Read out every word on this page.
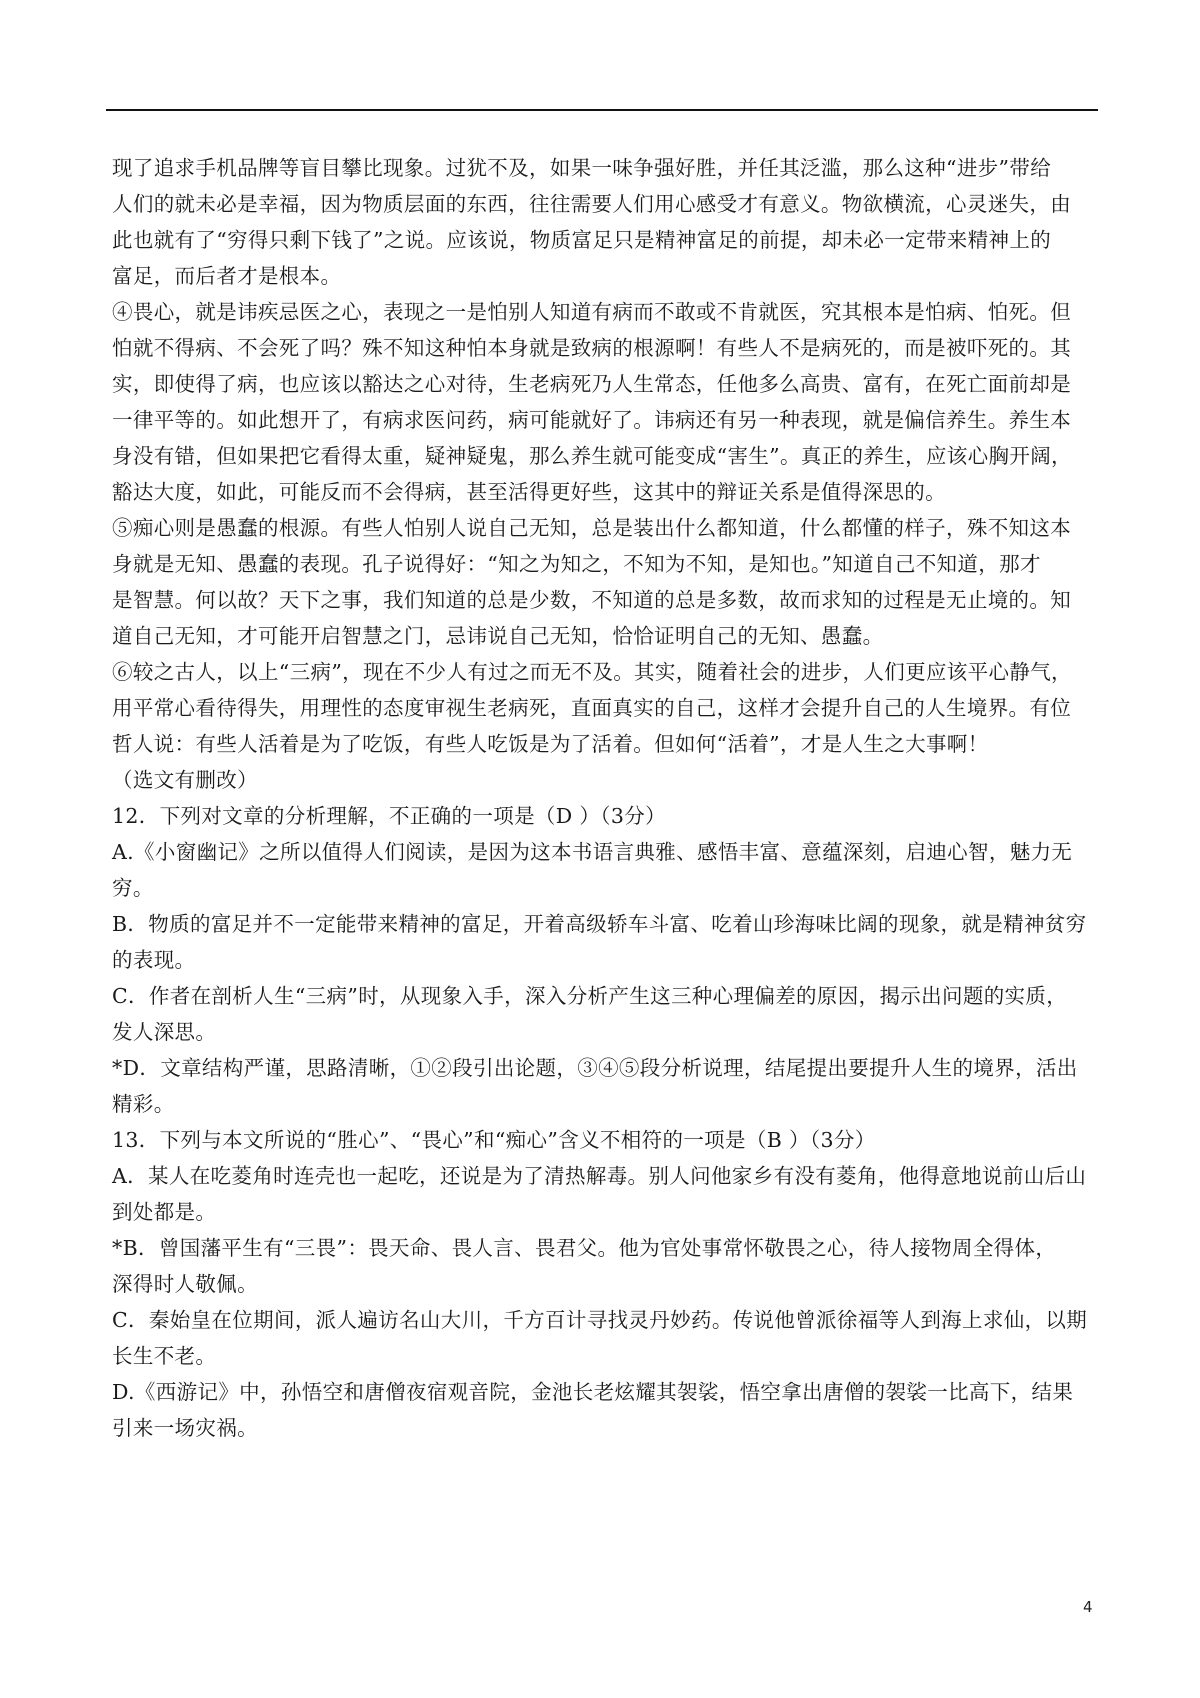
现了追求手机品牌等盲目攀比现象。过犹不及，如果一味争强好胜，并任其泛滥，那么这种“进步”带给
人们的就未必是幸福，因为物质层面的东西，往往需要人们用心感受才有意义。物欲横流，心灵迷失，由
此也就有了“穷得只剩下钱了”之说。应该说，物质富足只是精神富足的前提，却未必一定带来精神上的
富足，而后者才是根本。
④畏心，就是讳疾忌医之心，表现之一是怕别人知道有病而不敢或不肯就医，究其根本是怕病、怕死。但
怕就不得病、不会死了吗？殊不知这种怕本身就是致病的根源啊！有些人不是病死的，而是被吓死的。其
实，即使得了病，也应该以豁达之心对待，生老病死乃人生常态，任他多么高贵、富有，在死亡面前却是
一律平等的。如此想开了，有病求医问药，病可能就好了。讳病还有另一种表现，就是偏信养生。养生本
身没有错，但如果把它看得太重，疑神疑鬼，那么养生就可能变成“害生”。真正的养生，应该心胸开阔，
豁达大度，如此，可能反而不会得病，甚至活得更好些，这其中的辩证关系是值得深思的。
⑤痴心则是愚蠢的根源。有些人怕别人说自己无知，总是装出什么都知道，什么都懂的样子，殊不知这本
身就是无知、愚蠢的表现。孔子说得好：“知之为知之，不知为不知，是知也。”知道自己不知道，那才
是智慧。何以故？天下之事，我们知道的总是少数，不知道的总是多数，故而求知的过程是无止境的。知
道自己无知，才可能开启智慧之门，忌讳说自己无知，恰恰证明自己的无知、愚蠢。
⑥较之古人，以上“三病”，现在不少人有过之而无不及。其实，随着社会的进步，人们更应该平心静气，
用平常心看待得失，用理性的态度审视生老病死，直面真实的自己，这样才会提升自己的人生境界。有位
哲人说：有些人活着是为了吃饭，有些人吃饭是为了活着。但如何“活着”，才是人生之大事啊！
（选文有删改）
12．下列对文章的分析理解，不正确的一项是（D ）（3分）
A.《小窗幽记》之所以值得人们阅读，是因为这本书语言典雅、感悟丰富、意蕴深刻，启迪心智，魅力无
穷。
B．物质的富足并不一定能带来精神的富足，开着高级轿车斗富、吃着山珍海味比阔的现象，就是精神贫穷
的表现。
C．作者在剖析人生“三病”时，从现象入手，深入分析产生这三种心理偏差的原因，揭示出问题的实质，
发人深思。
*D．文章结构严谨，思路清晰，①②段引出论题，③④⑤段分析说理，结尾提出要提升人生的境界，活出
精彩。
13．下列与本文所说的“胜心”、“畏心”和“痴心”含义不相符的一项是（B ）（3分）
A．某人在吃菱角时连壳也一起吃，还说是为了清热解毒。别人问他家乡有没有菱角，他得意地说前山后山
到处都是。
*B．曾国藩平生有“三畏”：畏天命、畏人言、畏君父。他为官处事常怀敬畏之心，待人接物周全得体，
深得时人敬佩。
C．秦始皇在位期间，派人遍访名山大川，千方百计寻找灵丹妙药。传说他曾派徐福等人到海上求仙，以期
长生不老。
D.《西游记》中，孙悟空和唐僧夜宿观音院，金池长老炫耀其袈裟，悟空拿出唐僧的袈裟一比高下，结果
引来一场灾祸。
4
